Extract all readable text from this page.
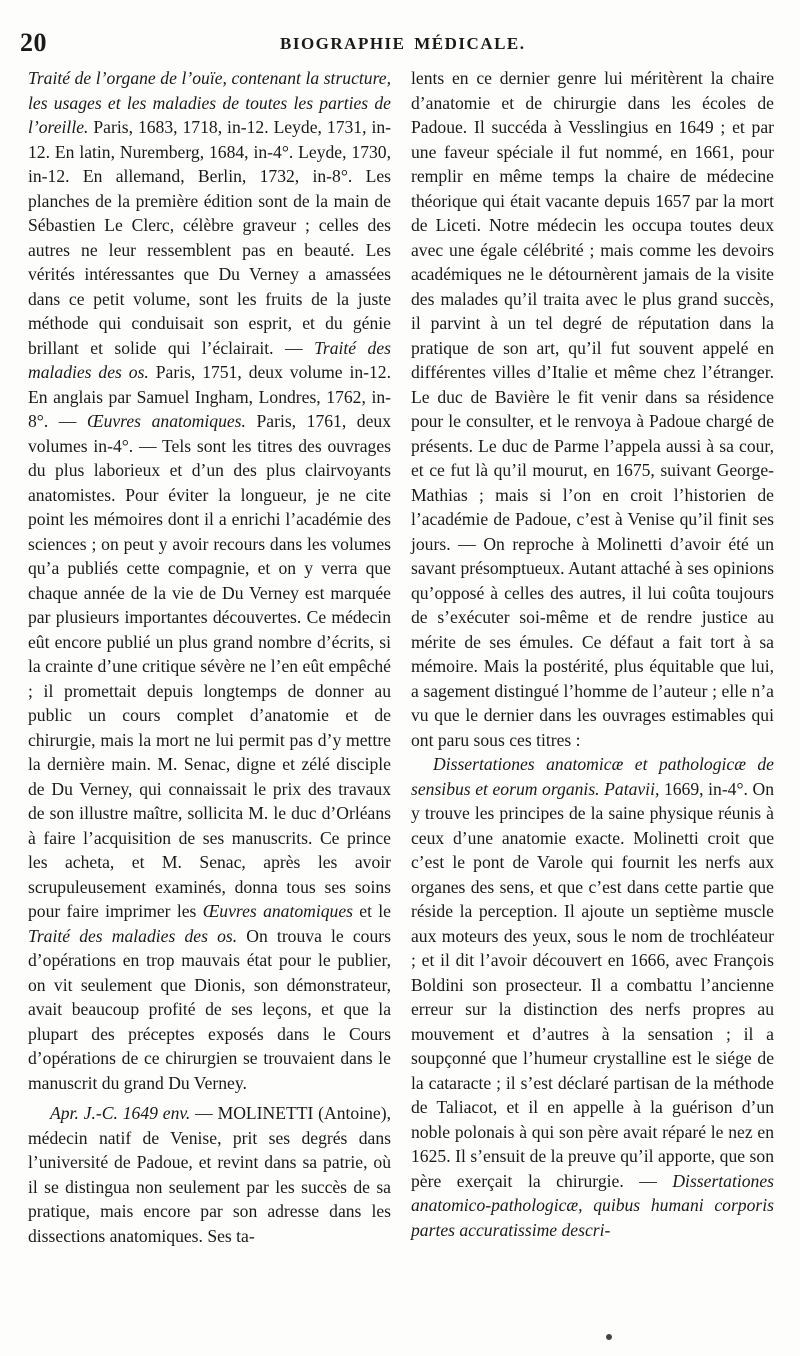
20	BIOGRAPHIE MÉDICALE.

Traité de l’organe de l’ouïe, contenant la structure, les usages et les maladies de toutes les parties de l’oreille. Paris, 1683, 1718, in-12. Leyde, 1731, in-12. En latin, Nuremberg, 1684, in-4°. Leyde, 1730, in-12. En allemand, Berlin, 1732, in-8°. Les planches de la première édition sont de la main de Sébastien Le Clerc, célèbre graveur ; celles des autres ne leur ressemblent pas en beauté. Les vérités intéressantes que Du Verney a amassées dans ce petit volume, sont les fruits de la juste méthode qui conduisait son esprit, et du génie brillant et solide qui l’éclairait. — Traité des maladies des os. Paris, 1751, deux volume in-12. En anglais par Samuel Ingham, Londres, 1762, in-8°. — Œuvres anatomiques. Paris, 1761, deux volumes in-4°. — Tels sont les titres des ouvrages du plus laborieux et d’un des plus clairvoyants anatomistes. Pour éviter la longueur, je ne cite point les mémoires dont il a enrichi l’académie des sciences ; on peut y avoir recours dans les volumes qu’a publiés cette compagnie, et on y verra que chaque année de la vie de Du Verney est marquée par plusieurs importantes découvertes. Ce médecin eût encore publié un plus grand nombre d’écrits, si la crainte d’une critique sévère ne l’en eût empêché ; il promettait depuis longtemps de donner au public un cours complet d’anatomie et de chirurgie, mais la mort ne lui permit pas d’y mettre la dernière main. M. Senac, digne et zélé disciple de Du Verney, qui connaissait le prix des travaux de son illustre maître, sollicita M. le duc d’Orléans à faire l’acquisition de ses manuscrits. Ce prince les acheta, et M. Senac, après les avoir scrupuleusement examinés, donna tous ses soins pour faire imprimer les Œuvres anatomiques et le Traité des maladies des os. On trouva le cours d’opérations en trop mauvais état pour le publier, on vit seulement que Dionis, son démonstrateur, avait beaucoup profité de ses leçons, et que la plupart des préceptes exposés dans le Cours d’opérations de ce chirurgien se trouvaient dans le manuscrit du grand Du Verney.

Apr. J.-C. 1649 env. — MOLINETTI (Antoine), médecin natif de Venise, prit ses degrés dans l’université de Padoue, et revint dans sa patrie, où il se distingua non seulement par les succès de sa pratique, mais encore par son adresse dans les dissections anatomiques. Ses ta-

lents en ce dernier genre lui méritèrent la chaire d’anatomie et de chirurgie dans les écoles de Padoue. Il succéda à Vesslingius en 1649 ; et par une faveur spéciale il fut nommé, en 1661, pour remplir en même temps la chaire de médecine théorique qui était vacante depuis 1657 par la mort de Liceti. Notre médecin les occupa toutes deux avec une égale célébrité ; mais comme les devoirs académiques ne le détournèrent jamais de la visite des malades qu’il traita avec le plus grand succès, il parvint à un tel degré de réputation dans la pratique de son art, qu’il fut souvent appelé en différentes villes d’Italie et même chez l’étranger. Le duc de Bavière le fit venir dans sa résidence pour le consulter, et le renvoya à Padoue chargé de présents. Le duc de Parme l’appela aussi à sa cour, et ce fut là qu’il mourut, en 1675, suivant George-Mathias ; mais si l’on en croit l’historien de l’académie de Padoue, c’est à Venise qu’il finit ses jours. — On reproche à Molinetti d’avoir été un savant présomptueux. Autant attaché à ses opinions qu’opposé à celles des autres, il lui coûta toujours de s’exécuter soi-même et de rendre justice au mérite de ses émules. Ce défaut a fait tort à sa mémoire. Mais la postérité, plus équitable que lui, a sagement distingué l’homme de l’auteur ; elle n’a vu que le dernier dans les ouvrages estimables qui ont paru sous ces titres :

Dissertationes anatomicæ et pathologicæ de sensibus et eorum organis. Patavii, 1669, in-4°. On y trouve les principes de la saine physique réunis à ceux d’une anatomie exacte. Molinetti croit que c’est le pont de Varole qui fournit les nerfs aux organes des sens, et que c’est dans cette partie que réside la perception. Il ajoute un septième muscle aux moteurs des yeux, sous le nom de trochléateur ; et il dit l’avoir découvert en 1666, avec François Boldini son prosecteur. Il a combattu l’ancienne erreur sur la distinction des nerfs propres au mouvement et d’autres à la sensation ; il a soupçonné que l’humeur crystalline est le siége de la cataracte ; il s’est déclaré partisan de la méthode de Taliacot, et il en appelle à la guérison d’un noble polonais à qui son père avait réparé le nez en 1625. Il s’ensuit de la preuve qu’il apporte, que son père exerçait la chirurgie. — Dissertationes anatomico-pathologicæ, quibus humani corporis partes accuratissime descri-
